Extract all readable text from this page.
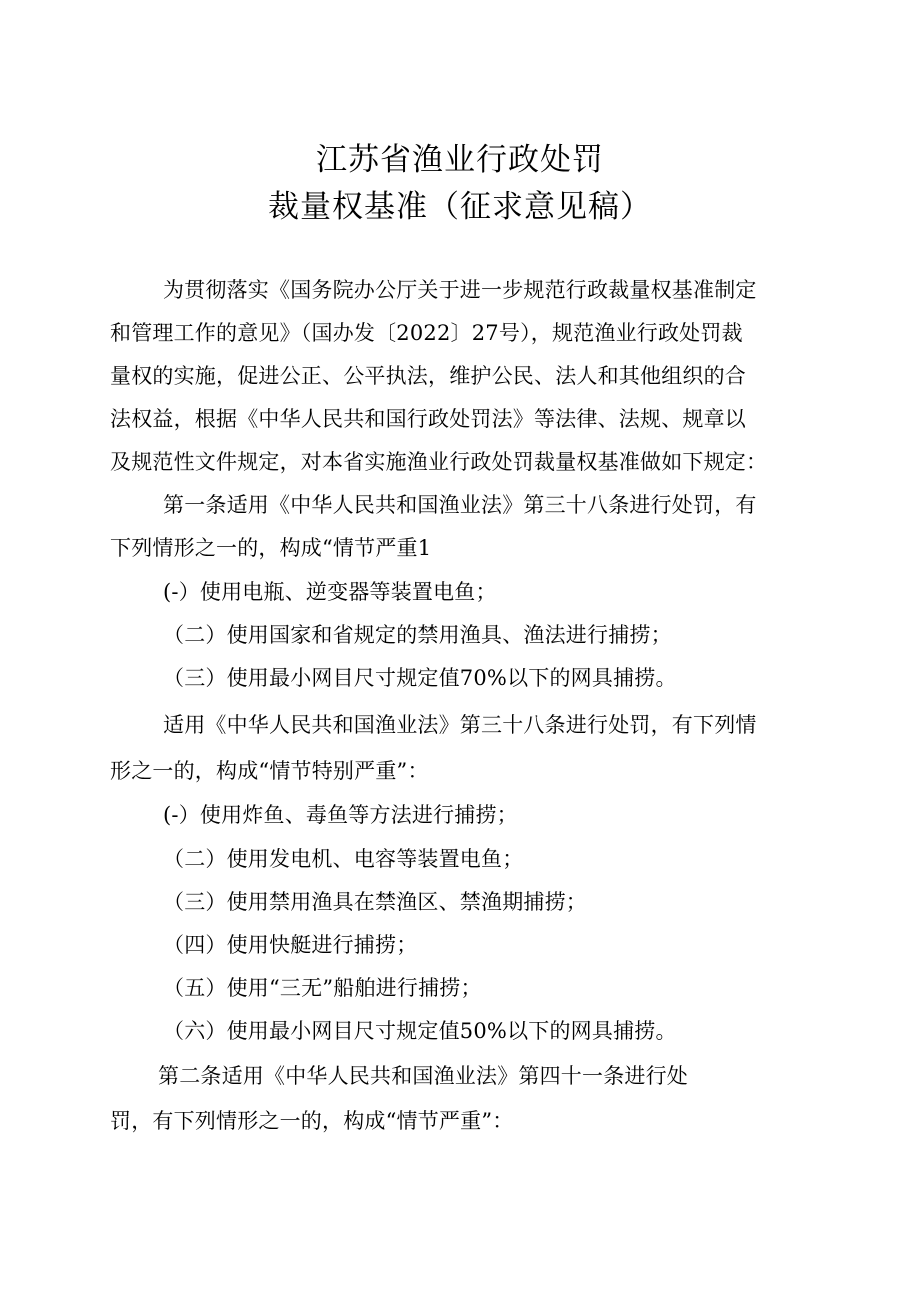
江苏省渔业行政处罚
裁量权基准（征求意见稿）
为贯彻落实《国务院办公厅关于进一步规范行政裁量权基准制定
和管理工作的意见》（国办发〔2022〕27号），规范渔业行政处罚裁
量权的实施，促进公正、公平执法，维护公民、法人和其他组织的合
法权益，根据《中华人民共和国行政处罚法》等法律、法规、规章以
及规范性文件规定，对本省实施渔业行政处罚裁量权基准做如下规定：
第一条适用《中华人民共和国渔业法》第三十八条进行处罚，有
下列情形之一的，构成“情节严重1
(-）使用电瓶、逆变器等装置电鱼；
（二）使用国家和省规定的禁用渔具、渔法进行捕捞；
（三）使用最小网目尺寸规定值70%以下的网具捕捞。
适用《中华人民共和国渔业法》第三十八条进行处罚，有下列情
形之一的，构成“情节特别严重”：
(-）使用炸鱼、毒鱼等方法进行捕捞；
（二）使用发电机、电容等装置电鱼；
（三）使用禁用渔具在禁渔区、禁渔期捕捞；
（四）使用快艇进行捕捞；
（五）使用“三无”船舶进行捕捞；
（六）使用最小网目尺寸规定值50%以下的网具捕捞。
第二条适用《中华人民共和国渔业法》第四十一条进行处
罚，有下列情形之一的，构成“情节严重”：
